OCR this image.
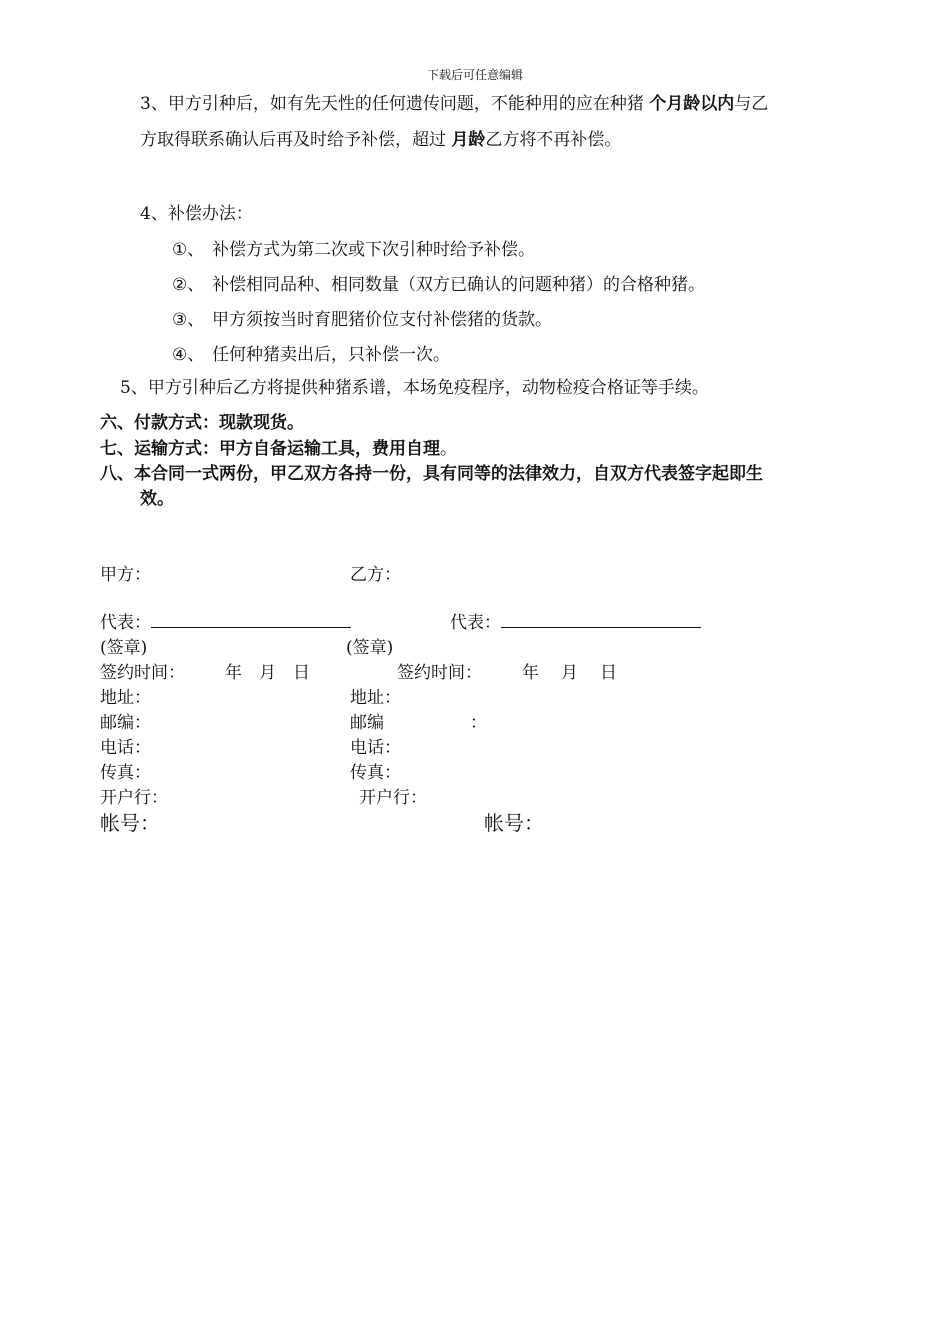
下载后可任意编辑
3、甲方引种后，如有先天性的任何遗传问题，不能种用的应在种猪 个月龄以内与乙
方取得联系确认后再及时给予补偿，超过 月龄乙方将不再补偿。
4、补偿办法：
①、 补偿方式为第二次或下次引种时给予补偿。
②、 补偿相同品种、相同数量（双方已确认的问题种猪）的合格种猪。
③、 甲方须按当时育肥猪价位支付补偿猪的货款。
④、 任何种猪卖出后，只补偿一次。
5、甲方引种后乙方将提供种猪系谱，本场免疫程序，动物检疫合格证等手续。
六、付款方式：现款现货。
七、运输方式：甲方自备运输工具，费用自理。
八、本合同一式两份，甲乙双方各持一份，具有同等的法律效力，自双方代表签字起即生
效。
甲方：	乙方：
代表：	代表：
(签章)	(签章)
签约时间： 年 月 日	签约时间： 年 月 日
地址：	地址：
邮编：	邮编	：
电话：	电话：
传真：	传真：
开户行：	开户行：
帐号：	帐号：
